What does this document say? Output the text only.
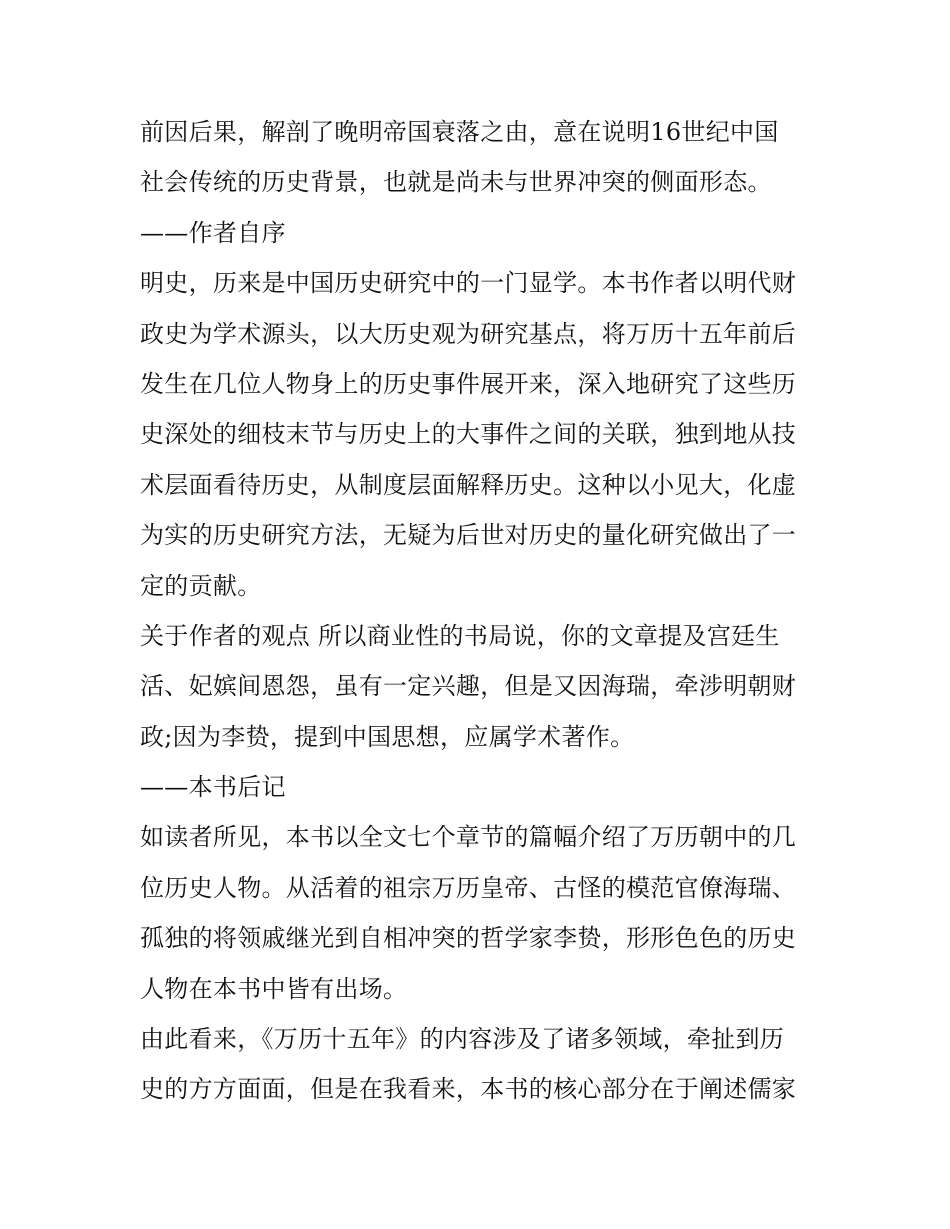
前因后果，解剖了晚明帝国衰落之由，意在说明16世纪中国
社会传统的历史背景，也就是尚未与世界冲突的侧面形态。
——作者自序
明史，历来是中国历史研究中的一门显学。本书作者以明代财
政史为学术源头，以大历史观为研究基点，将万历十五年前后
发生在几位人物身上的历史事件展开来，深入地研究了这些历
史深处的细枝末节与历史上的大事件之间的关联，独到地从技
术层面看待历史，从制度层面解释历史。这种以小见大，化虚
为实的历史研究方法，无疑为后世对历史的量化研究做出了一
定的贡献。
关于作者的观点 所以商业性的书局说，你的文章提及宫廷生
活、妃嫔间恩怨，虽有一定兴趣，但是又因海瑞，牵涉明朝财
政;因为李贽，提到中国思想，应属学术著作。
——本书后记
如读者所见，本书以全文七个章节的篇幅介绍了万历朝中的几
位历史人物。从活着的祖宗万历皇帝、古怪的模范官僚海瑞、
孤独的将领戚继光到自相冲突的哲学家李贽，形形色色的历史
人物在本书中皆有出场。
由此看来，《万历十五年》的内容涉及了诸多领域，牵扯到历
史的方方面面，但是在我看来，本书的核心部分在于阐述儒家
